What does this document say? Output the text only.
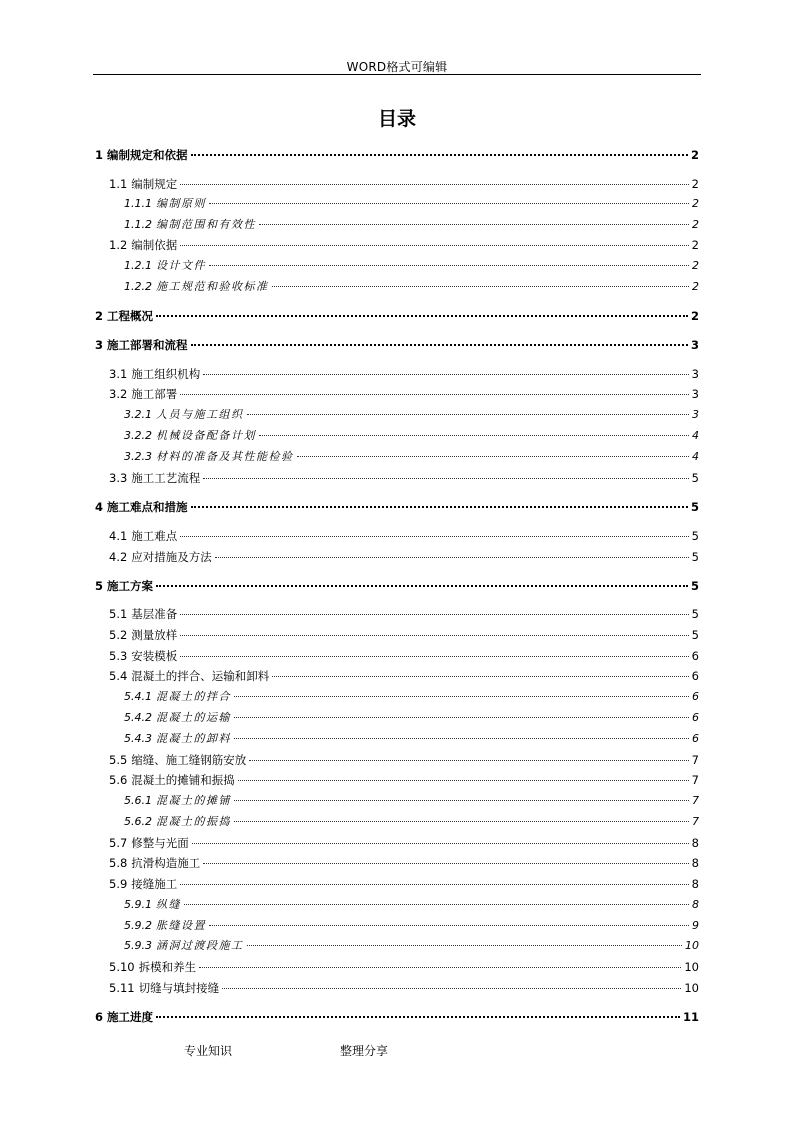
WORD格式可编辑
目录
1 编制规定和依据	2
1.1 编制规定	2
1.1.1 编制原则	2
1.1.2 编制范围和有效性	2
1.2 编制依据	2
1.2.1 设计文件	2
1.2.2 施工规范和验收标准	2
2 工程概况	2
3 施工部署和流程	3
3.1 施工组织机构	3
3.2 施工部署	3
3.2.1 人员与施工组织	3
3.2.2 机械设备配备计划	4
3.2.3 材料的准备及其性能检验	4
3.3 施工工艺流程	5
4 施工难点和措施	5
4.1 施工难点	5
4.2 应对措施及方法	5
5 施工方案	5
5.1 基层准备	5
5.2 测量放样	5
5.3 安装模板	6
5.4 混凝土的拌合、运输和卸料	6
5.4.1 混凝土的拌合	6
5.4.2 混凝土的运输	6
5.4.3 混凝土的卸料	6
5.5 缩缝、施工缝钢筋安放	7
5.6 混凝土的摊铺和振捣	7
5.6.1 混凝土的摊铺	7
5.6.2 混凝土的振捣	7
5.7 修整与光面	8
5.8 抗滑构造施工	8
5.9 接缝施工	8
5.9.1 纵缝	8
5.9.2 胀缝设置	9
5.9.3 涵洞过渡段施工	10
5.10 拆模和养生	10
5.11 切缝与填封接缝	10
6 施工进度	11
专业知识	整理分享
